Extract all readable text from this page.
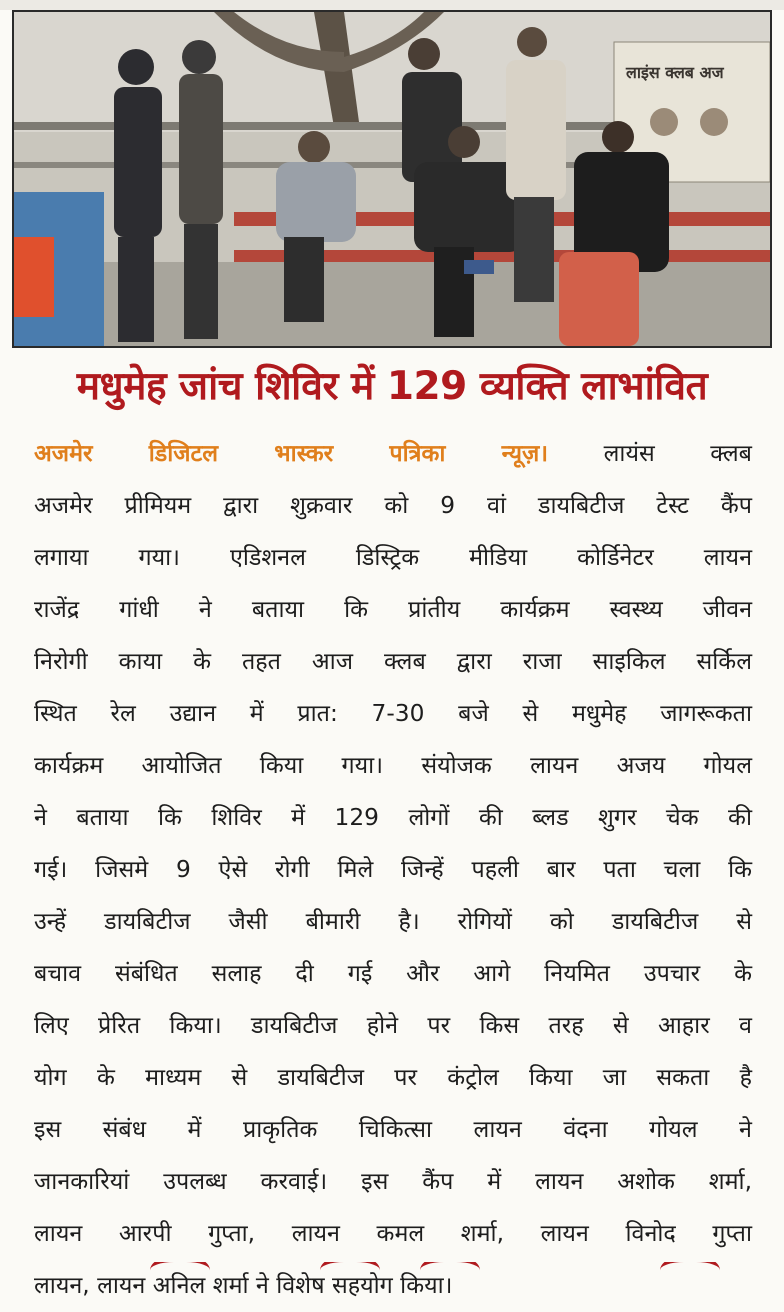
लाइंस क्लब अज
मधुमेह जांच शिविर में 129 व्यक्ति लाभांवित
अजमेर डिजिटल भास्कर पत्रिका न्यूज़। लायंस क्लब
अजमेर प्रीमियम द्वारा शुक्रवार को 9 वां डायबिटीज टेस्ट कैंप
लगाया गया। एडिशनल डिस्ट्रिक मीडिया कोर्डिनेटर लायन
राजेंद्र गांधी ने बताया कि प्रांतीय कार्यक्रम स्वस्थ्य जीवन
निरोगी काया के तहत आज क्लब द्वारा राजा साइकिल सर्किल
स्थित रेल उद्यान में प्रात: 7-30 बजे से मधुमेह जागरूकता
कार्यक्रम आयोजित किया गया। संयोजक लायन अजय गोयल
ने बताया कि शिविर में 129 लोगों की ब्लड शुगर चेक की
गई। जिसमे 9 ऐसे रोगी मिले जिन्हें पहली बार पता चला कि
उन्हें डायबिटीज जैसी बीमारी है। रोगियों को डायबिटीज से
बचाव संबंधित सलाह दी गई और आगे नियमित उपचार के
लिए प्रेरित किया। डायबिटीज होने पर किस तरह से आहार व
योग के माध्यम से डायबिटीज पर कंट्रोल किया जा सकता है
इस संबंध में प्राकृतिक चिकित्सा लायन वंदना गोयल ने
जानकारियां उपलब्ध करवाई। इस कैंप में लायन अशोक शर्मा,
लायन आरपी गुप्ता, लायन कमल शर्मा, लायन विनोद गुप्ता
लायन, लायन अनिल शर्मा ने विशेष सहयोग किया।
